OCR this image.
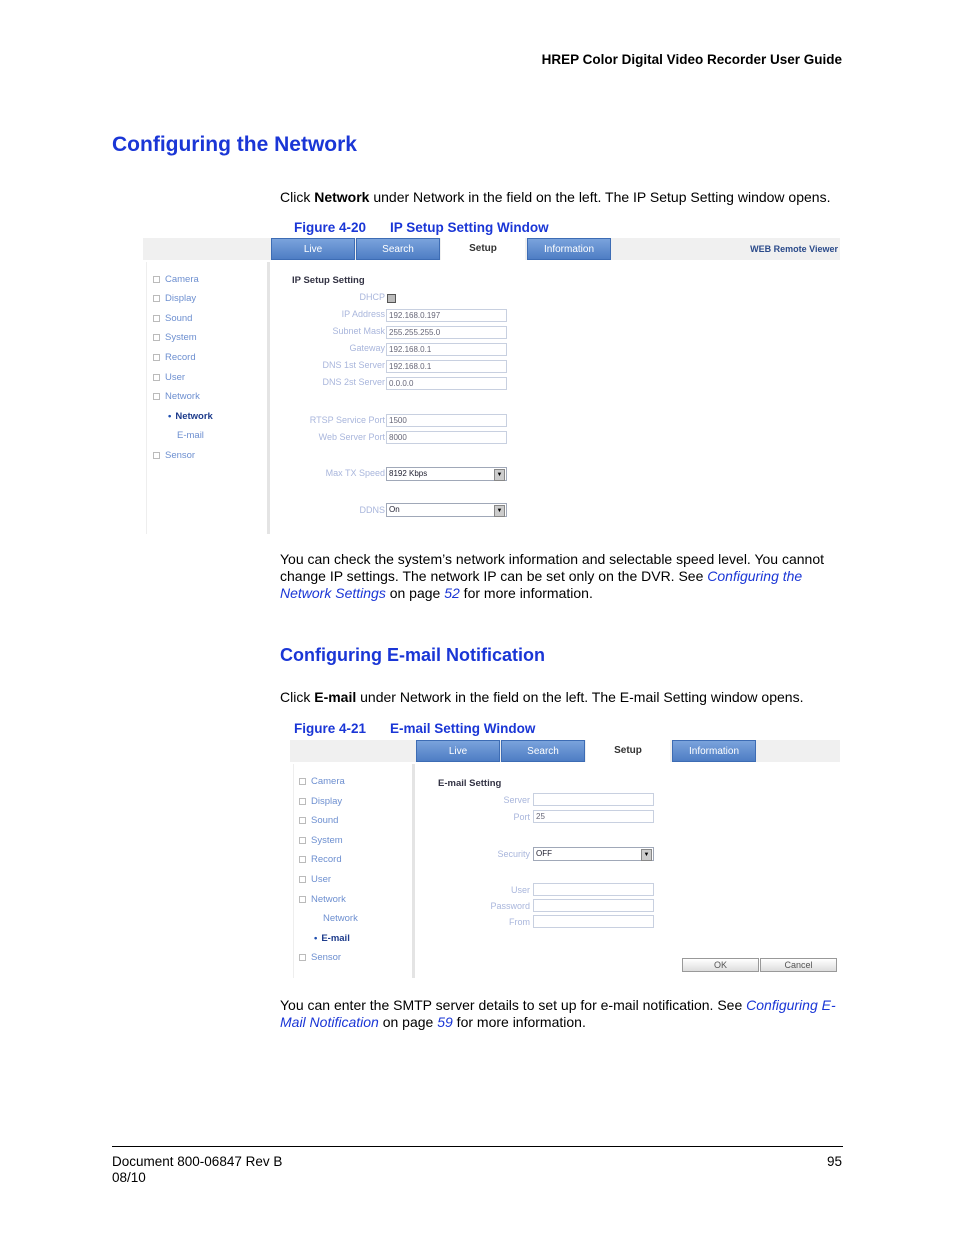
HREP Color Digital Video Recorder User Guide
Configuring the Network
Click Network under Network in the field on the left. The IP Setup Setting window opens.
Figure 4-20 IP Setup Setting Window
Live	Search	Setup	Information	WEB Remote Viewer
Camera
Display
Sound
System
Record
User
Network
• Network
E-mail
Sensor
IP Setup Setting
DHCP
IP Address 192.168.0.197
Subnet Mask 255.255.255.0
Gateway 192.168.0.1
DNS 1st Server 192.168.0.1
DNS 2st Server 0.0.0.0
RTSP Service Port 1500
Web Server Port 8000
Max TX Speed 8192 Kbps	▼
DDNS On	▼
You can check the system’s network information and selectable speed level. You cannot change IP settings. The network IP can be set only on the DVR. See Configuring the Network Settings on page 52 for more information.
Configuring E-mail Notification
Click E-mail under Network in the field on the left. The E-mail Setting window opens.
Figure 4-21 E-mail Setting Window
Live	Search	Setup	Information
Camera
Display
Sound
System
Record
User
Network
Network
• E-mail
Sensor
E-mail Setting
Server
Port 25
Security OFF	▼
User
Password
From
OK	Cancel
You can enter the SMTP server details to set up for e-mail notification. See Configuring E-Mail Notification on page 59 for more information.
Document 800-06847 Rev B
08/10
95
